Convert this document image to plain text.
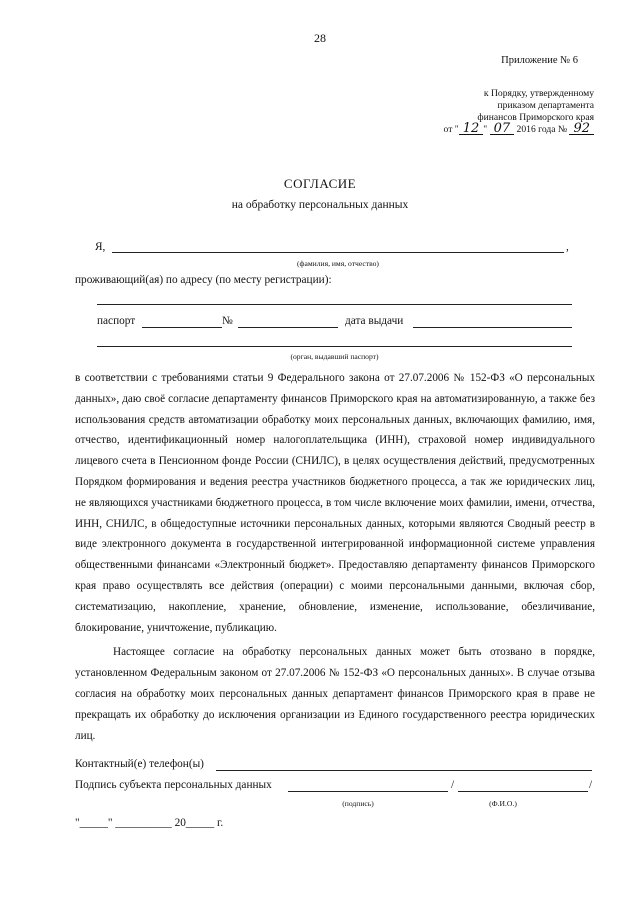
28
Приложение № 6
к Порядку, утвержденному
приказом департамента
финансов Приморского края
от " 12 " 07 2016 года № 92
СОГЛАСИЕ
на обработку персональных данных
Я,	,
(фамилия, имя, отчество)
проживающий(ая) по адресу (по месту регистрации):
паспорт	№	дата выдачи
(орган, выдавший паспорт)

в соответствии с требованиями статьи 9 Федерального закона от 27.07.2006 № 152-ФЗ «О персональных данных», даю своё согласие департаменту финансов Приморского края на автоматизированную, а также без использования средств автоматизации обработку моих персональных данных, включающих фамилию, имя, отчество, идентификационный номер налогоплательщика (ИНН), страховой номер индивидуального лицевого счета в Пенсионном фонде России (СНИЛС), в целях осуществления действий, предусмотренных Порядком формирования и ведения реестра участников бюджетного процесса, а так же юридических лиц, не являющихся участниками бюджетного процесса, в том числе включение моих фамилии, имени, отчества, ИНН, СНИЛС, в общедоступные источники персональных данных, которыми являются Сводный реестр в виде электронного документа в государственной интегрированной информационной системе управления общественными финансами «Электронный бюджет». Предоставляю департаменту финансов Приморского края право осуществлять все действия (операции) с моими персональными данными, включая сбор, систематизацию, накопление, хранение, обновление, изменение, использование, обезличивание, блокирование, уничтожение, публикацию.

Настоящее согласие на обработку персональных данных может быть отозвано в порядке, установленном Федеральным законом от 27.07.2006 № 152-ФЗ «О персональных данных». В случае отзыва согласия на обработку моих персональных данных департамент финансов Приморского края в праве не прекращать их обработку до исключения организации из Единого государственного реестра юридических лиц.

Контактный(е) телефон(ы)
Подпись субъекта персональных данных	/	/
(подпись)	(Ф.И.О.)
"_____" __________ 20_____ г.
